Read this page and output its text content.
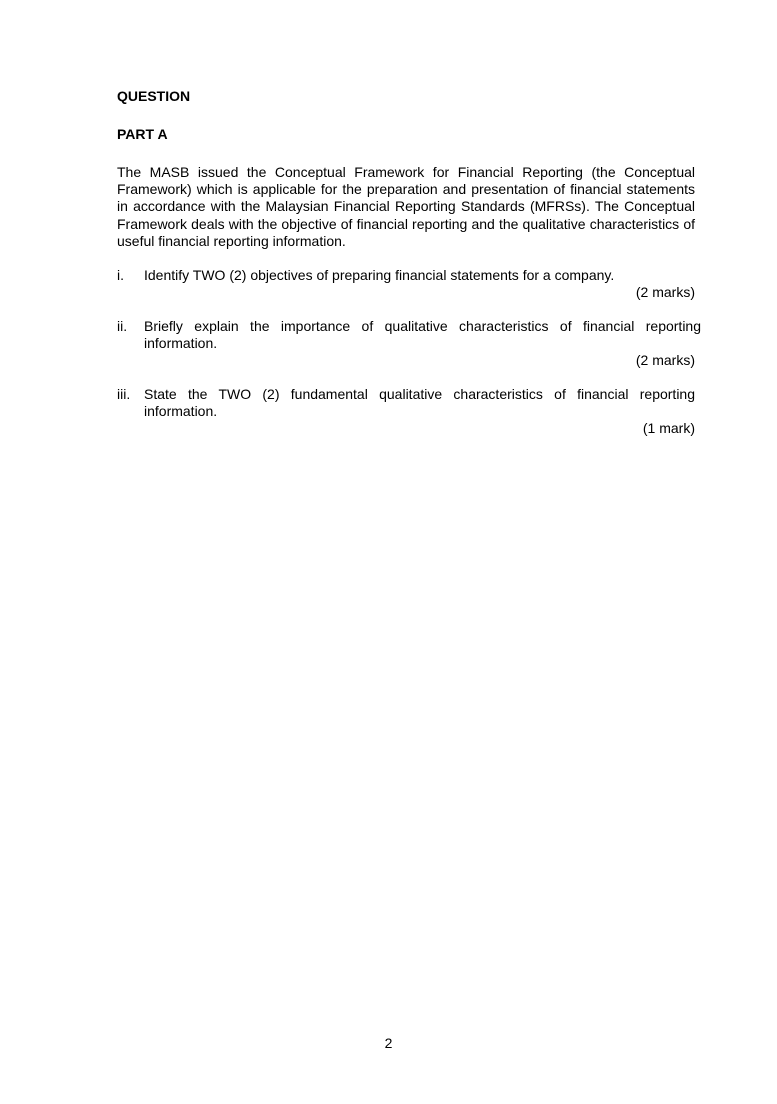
QUESTION

PART A

The MASB issued the Conceptual Framework for Financial Reporting (the Conceptual Framework) which is applicable for the preparation and presentation of financial statements in accordance with the Malaysian Financial Reporting Standards (MFRSs). The Conceptual Framework deals with the objective of financial reporting and the qualitative characteristics of useful financial reporting information.

i. Identify TWO (2) objectives of preparing financial statements for a company.

(2 marks)
ii. Briefly explain the importance of qualitative characteristics of financial reporting information.

(2 marks)
iii. State the TWO (2) fundamental qualitative characteristics of financial reporting information.

(1 mark)
2
